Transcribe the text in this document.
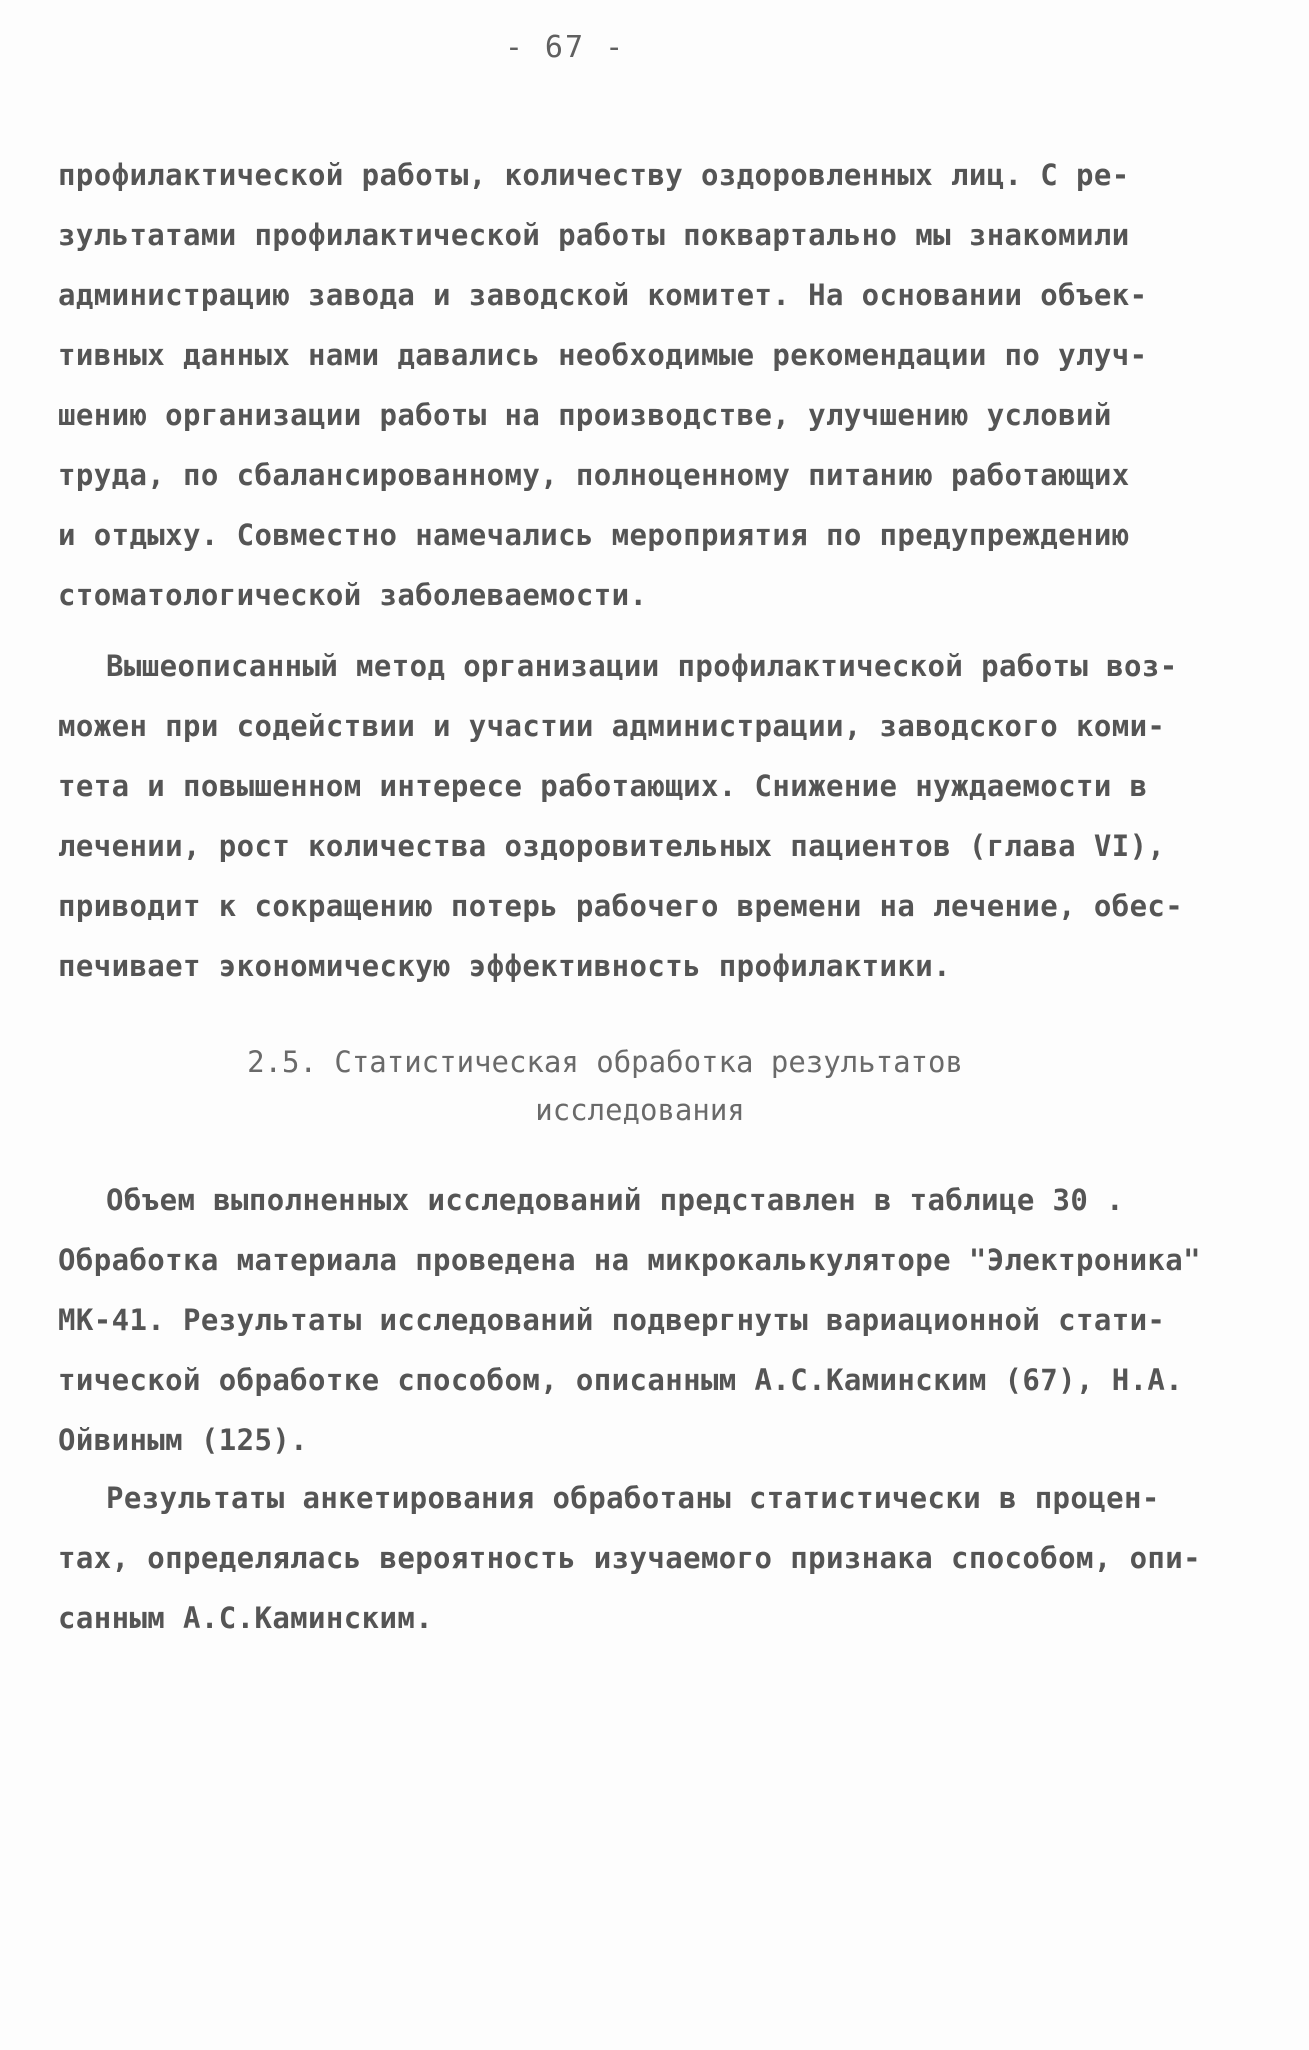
- 67 -
профилактической работы, количеству оздоровленных лиц. С ре-
зультатами профилактической работы поквартально мы знакомили
администрацию завода и заводской комитет. На основании объек-
тивных данных нами давались необходимые рекомендации по улуч-
шению организации работы на производстве, улучшению условий
труда, по сбалансированному, полноценному питанию работающих
и отдыху. Совместно намечались мероприятия по предупреждению
стоматологической заболеваемости.
Вышеописанный метод организации профилактической работы воз-
можен при содействии и участии администрации, заводского коми-
тета и повышенном интересе работающих. Снижение нуждаемости в
лечении, рост количества оздоровительных пациентов (глава VI),
приводит к сокращению потерь рабочего времени на лечение, обес-
печивает экономическую эффективность профилактики.
2.5. Статистическая обработка результатов
исследования
Объем выполненных исследований представлен в таблице 30 .
Обработка материала проведена на микрокалькуляторе "Электроника"
МК-41. Результаты исследований подвергнуты вариационной стати-
тической обработке способом, описанным А.С.Каминским (67), Н.А.
Ойвиным (125).
Результаты анкетирования обработаны статистически в процен-
тах, определялась вероятность изучаемого признака способом, опи-
санным А.С.Каминским.
